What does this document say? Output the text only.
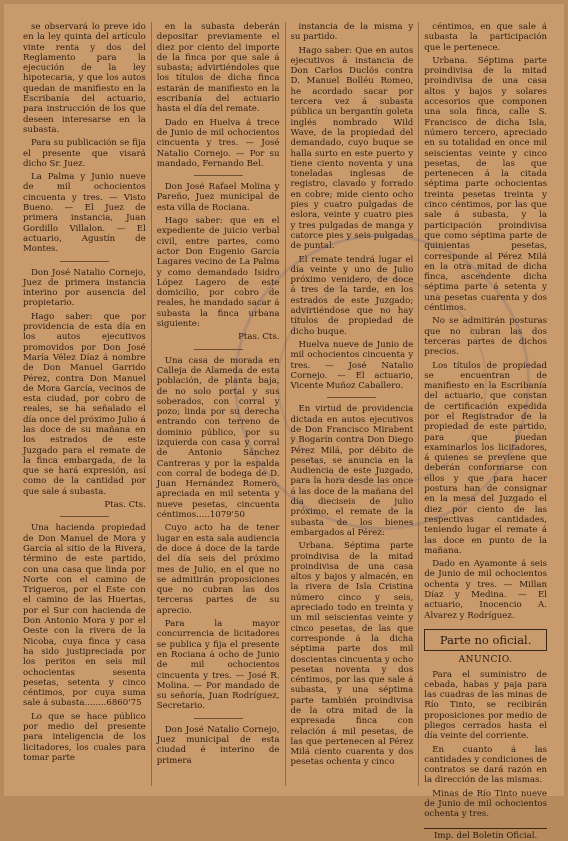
se observará lo preve ido en la ley quinta del artículo vinte renta y dos del Reglamento para la ejecución de la ley hipotecaria, y que los autos quedan de manifiesto en la Escribanía del actuario, para instrucción de los que deseen interesarse en la subasta.

Para su publicación se fija el presente que visará dicho Sr. Juez.

La Palma y Junio nueve de mil ochocientos cincuenta y tres. — Visto Bueno. — El Juez de primera instancia, Juan Gordillo Villalon. — El actuario, Agustín de Montes.

Don José Natalio Cornejo, Juez de primera instancia interino por ausencia del propietario.

Hago saber: que por providencia de esta día en los autos ejecutivos promovidos por Don José María Vélez Díaz á nombre de Don Manuel Garrido Pérez, contra Don Manuel de Mora García, vecinos de esta ciudad, por cobro de reales, se ha señalado el día once del próximo Julio á las doce de su mañana en los estrados de este Juzgado para el remate de la finca embargada, de la que se hará expresión, así como de la cantidad por que sale á subasta.

Ptas. Cts.

Una hacienda propiedad de Don Manuel de Mora y García al sitio de la Rivera, término de este partido, con una casa que linda por Norte con el camino de Trigueros, por el Este con el camino de las Huertas, por el Sur con hacienda de Don Antonio Mora y por el Oeste con la rivera de la Nicoba, cuya finca y casa ha sido justipreciada por los peritos en seis mil ochocientas sesenta pesetas, setenta y cinco céntimos, por cuya suma sale á subasta........6860'75

Lo que se hace público por medio del presente para inteligencia de los licitadores, los cuales para tomar parte

en la subasta deberán depositar previamente el diez por ciento del importe de la finca por que sale á subasta; advirtiéndoles que los títulos de dicha finca estarán de manifiesto en la escribanía del actuario hasta el día del remate.

Dado en Huelva á trece de Junio de mil ochocientos cincuenta y tres. — José Natalio Cornejo. — Por su mandado, Fernando Bel.

Don José Rafael Molina y Pareño, Juez municipal de esta villa de Rociana.

Hago saber: que en el expediente de juicio verbal civil, entre partes, como actor Don Eugenio García Lagares vecino de La Palma y como demandado Isidro López Lagero de este domicilio, por cobro de reales, he mandado sacar á subasta la finca urbana siguiente:

Ptas. Cts.

Una casa de morada en Calleja de Alameda de esta población, de planta baja, de no solo portal y sus soberados, con corral y pozo; linda por su derecha entrando con terreno de dominio público, por su izquierda con casa y corral de Antonio Sánchez Cantreras y por la espalda con corral de bodega de D. Juan Hernández Romero, apreciada en mil setenta y nueve pesetas, cincuenta céntimos.....1079'50

Cuyo acto ha de tener lugar en esta sala audiencia de doce á doce de la tarde del día seis del próximo mes de Julio, en el que no se admitirán proposiciones que no cubran las dos terceras partes de su aprecio.

Para la mayor concurrencia de licitadores se publica y fija el presente en Rociana á ocho de Junio de mil ochocientos cincuenta y tres. — José R. Molina. — Por mandado de su señoría, Juan Rodríguez, Secretario.

Don José Natalio Cornejo, Juez municipal de esta ciudad é interino de primera

instancia de la misma y su partido.

Hago saber: Que en autos ejecutivos á instancia de Don Carlos Duclós contra D. Manuel Bolléu Romeo, he acordado sacar por tercera vez á subasta pública un bergantín goleta inglés nombrado Wild Wave, de la propiedad del demandado, cuyo buque se halla surto en este puerto y tiene ciento noventa y una toneladas inglesas de registro, clavado y forrado en cobre; mide ciento ocho pies y cuatro pulgadas de eslora, veinte y cuatro pies y tres pulgadas de manga y catorce pies y seis pulgadas de puntal.

El remate tendrá lugar el día veinte y uno de Julio próximo venidero, de doce á tres de la tarde, en los estrados de este Juzgado; advirtiéndose que no hay títulos de propiedad de dicho buque.

Huelva nueve de Junio de mil ochocientos cincuenta y tres. — José Natalio Cornejo. — El actuario, Vicente Muñoz Caballero.

En virtud de providencia dictada en autos ejecutivos de Don Francisco Mirabent y Bogarín contra Don Diego Pérez Milá, por débito de pesetas, se anuncia en la Audiencia de este Juzgado, para la hora desde las once á las doce de la mañana del día dieciseis de julio próximo, el remate de la subasta de los bienes embargados al Pérez:

Urbana. Séptima parte proindivisa de la mitad proindivisa de una casa altos y bajos y almacén, en la rivera de Isla Cristina número cinco y seis, apreciado todo en treinta y un mil seiscientas veinte y cinco pesetas, de las que corresponde á la dicha séptima parte dos mil doscientas cincuenta y ocho pesetas noventa y dos céntimos, por las que sale á subasta, y una séptima parte también proindivisa de la otra mitad de la expresada finca con relación á mil pesetas, de las que pertenecen al Pérez Milá ciento cuarenta y dos pesetas ochenta y cinco

céntimos, en que sale á subasta la participación que le pertenece.

Urbana. Séptima parte proindivisa de la mitad proindivisa de una casa altos y bajos y solares accesorios que componen una sola finca, calle S. Francisco de dicha Isla, número tercero, apreciado en su totalidad en once mil seiscientas veinte y cinco pesetas, de las que pertenecen á la citada séptima parte ochocientas treinta pesetas treinta y cinco céntimos, por las que sale á subasta, y la participación proindivisa que como séptima parte de quinientas pesetas, corresponde al Pérez Milá en la otra mitad de dicha finca, ascendente dicha séptima parte á setenta y una pesetas cuarenta y dos céntimos.

No se admitirán posturas que no cubran las dos terceras partes de dichos precios.

Los títulos de propiedad se encuentran de manifiesto en la Escribanía del actuario, que constan de certificación expedida por el Registrador de la propiedad de este partido, para que puedan examinarlos los licitadores, á quienes se previene que deberán conformarse con ellos y que para hacer postura han de consignar en la mesa del Juzgado el diez por ciento de las respectivas cantidades, teniendo lugar el remate á las doce en punto de la mañana.

Dado en Ayamonte á seis de Junio de mil ochocientos ochenta y tres. — Millan Díaz y Medina. — El actuario, Inocencio A. Alvarez y Rodríguez.

Parte no oficial.
ANUNCIO.

Para el suministro de cebada, habas y paja para las cuadras de las minas de Río Tinto, se recibirán proposiciones por medio de pliegos cerrados hasta el día veinte del corriente.

En cuanto á las cantidades y condiciones de contratos se dará razón en la dirección de las mismas.

Minas de Río Tinto nueve de Junio de mil ochocientos ochenta y tres.

Imp. del Boletín Oficial.
